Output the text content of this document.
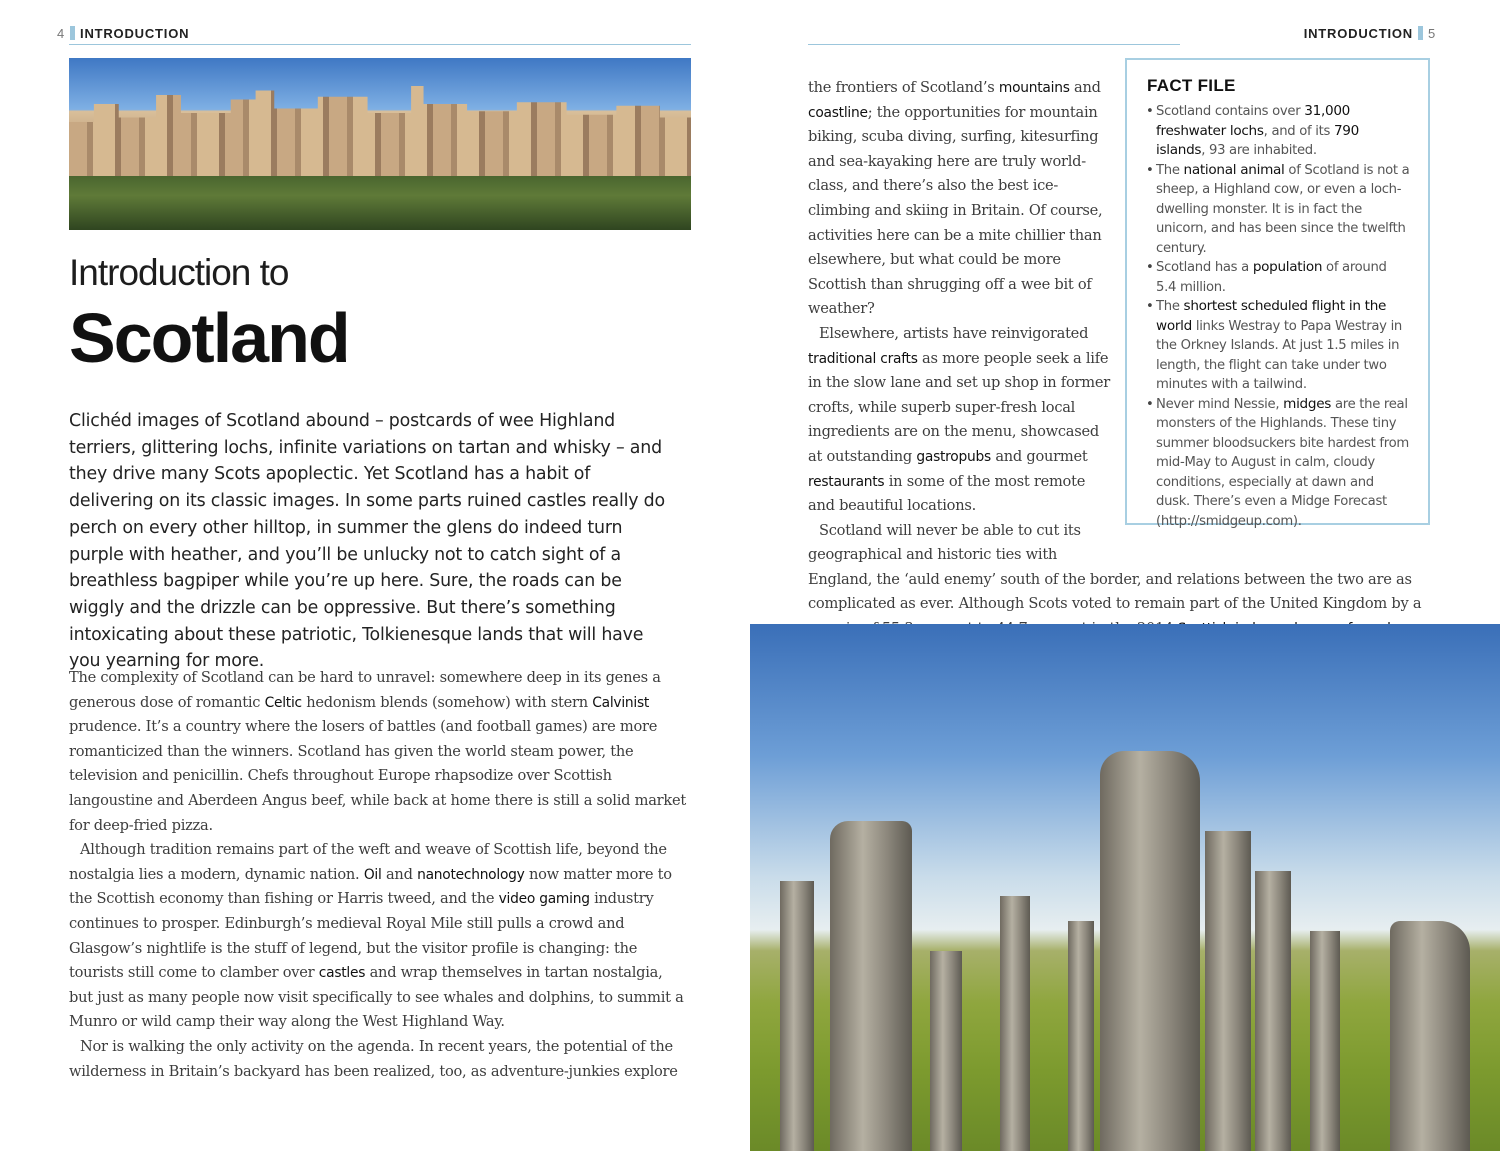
4 INTRODUCTION
Introduction to
Scotland
Clichéd images of Scotland abound – postcards of wee Highland terriers, glittering lochs, infinite variations on tartan and whisky – and they drive many Scots apoplectic. Yet Scotland has a habit of delivering on its classic images. In some parts ruined castles really do perch on every other hilltop, in summer the glens do indeed turn purple with heather, and you’ll be unlucky not to catch sight of a breathless bagpiper while you’re up here. Sure, the roads can be wiggly and the drizzle can be oppressive. But there’s something intoxicating about these patriotic, Tolkienesque lands that will have you yearning for more.

The complexity of Scotland can be hard to unravel: somewhere deep in its genes a generous dose of romantic Celtic hedonism blends (somehow) with stern Calvinist prudence. It’s a country where the losers of battles (and football games) are more romanticized than the winners. Scotland has given the world steam power, the television and penicillin. Chefs throughout Europe rhapsodize over Scottish langoustine and Aberdeen Angus beef, while back at home there is still a solid market for deep-fried pizza.

Although tradition remains part of the weft and weave of Scottish life, beyond the nostalgia lies a modern, dynamic nation. Oil and nanotechnology now matter more to the Scottish economy than fishing or Harris tweed, and the video gaming industry continues to prosper. Edinburgh’s medieval Royal Mile still pulls a crowd and Glasgow’s nightlife is the stuff of legend, but the visitor profile is changing: the tourists still come to clamber over castles and wrap themselves in tartan nostalgia, but just as many people now visit specifically to see whales and dolphins, to summit a Munro or wild camp their way along the West Highland Way.

Nor is walking the only activity on the agenda. In recent years, the potential of the wilderness in Britain’s backyard has been realized, too, as adventure-junkies explore

INTRODUCTION 5

the frontiers of Scotland’s mountains and coastline; the opportunities for mountain biking, scuba diving, surfing, kitesurfing and sea-kayaking here are truly world-class, and there’s also the best ice-climbing and skiing in Britain. Of course, activities here can be a mite chillier than elsewhere, but what could be more Scottish than shrugging off a wee bit of weather?

Elsewhere, artists have reinvigorated traditional crafts as more people seek a life in the slow lane and set up shop in former crofts, while superb super-fresh local ingredients are on the menu, showcased at outstanding gastropubs and gourmet restaurants in some of the most remote and beautiful locations.

Scotland will never be able to cut its geographical and historic ties with

England, the ‘auld enemy’ south of the border, and relations between the two are as complicated as ever. Although Scots voted to remain part of the United Kingdom by a

FACT FILE
• Scotland contains over 31,000 freshwater lochs, and of its 790 islands, 93 are inhabited.
• The national animal of Scotland is not a sheep, a Highland cow, or even a loch-dwelling monster. It is in fact the unicorn, and has been since the twelfth century.
• Scotland has a population of around 5.4 million.
• The shortest scheduled flight in the world links Westray to Papa Westray in the Orkney Islands. At just 1.5 miles in length, the flight can take under two minutes with a tailwind.
• Never mind Nessie, midges are the real monsters of the Highlands. These tiny summer bloodsuckers bite hardest from mid-May to August in calm, cloudy conditions, especially at dawn and dusk. There’s even a Midge Forecast (http://smidgeup.com).
